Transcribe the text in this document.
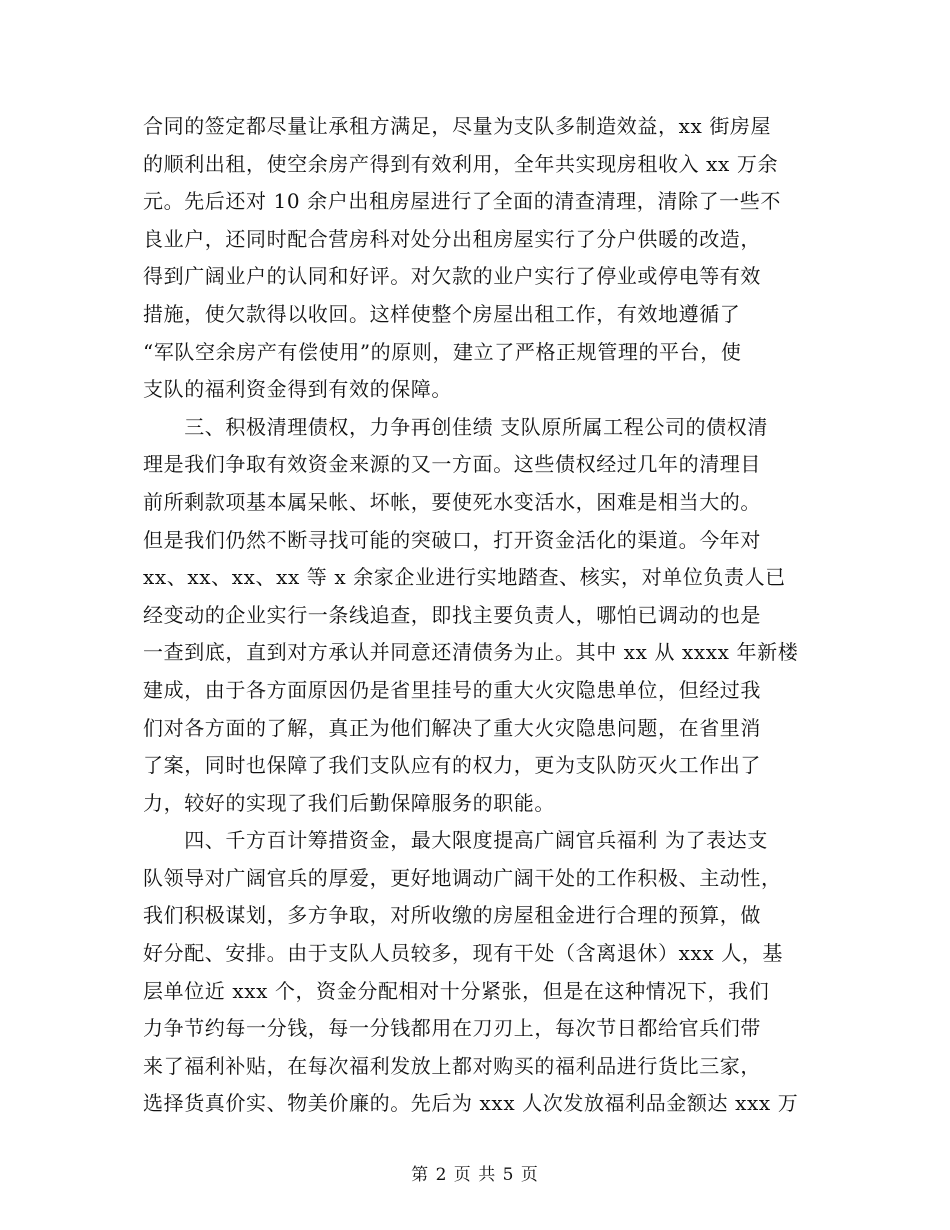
合同的签定都尽量让承租方满足，尽量为支队多制造效益，xx 街房屋
的顺利出租，使空余房产得到有效利用，全年共实现房租收入 xx 万余
元。先后还对 10 余户出租房屋进行了全面的清查清理，清除了一些不
良业户，还同时配合营房科对处分出租房屋实行了分户供暖的改造，
得到广阔业户的认同和好评。对欠款的业户实行了停业或停电等有效
措施，使欠款得以收回。这样使整个房屋出租工作，有效地遵循了
“军队空余房产有偿使用”的原则，建立了严格正规管理的平台，使
支队的福利资金得到有效的保障。
　　三、积极清理债权，力争再创佳绩 支队原所属工程公司的债权清
理是我们争取有效资金来源的又一方面。这些债权经过几年的清理目
前所剩款项基本属呆帐、坏帐，要使死水变活水，困难是相当大的。
但是我们仍然不断寻找可能的突破口，打开资金活化的渠道。今年对
xx、xx、xx、xx 等 x 余家企业进行实地踏查、核实，对单位负责人已
经变动的企业实行一条线追查，即找主要负责人，哪怕已调动的也是
一查到底，直到对方承认并同意还清债务为止。其中 xx 从 xxxx 年新楼
建成，由于各方面原因仍是省里挂号的重大火灾隐患单位，但经过我
们对各方面的了解，真正为他们解决了重大火灾隐患问题，在省里消
了案，同时也保障了我们支队应有的权力，更为支队防灭火工作出了
力，较好的实现了我们后勤保障服务的职能。
　　四、千方百计筹措资金，最大限度提高广阔官兵福利 为了表达支
队领导对广阔官兵的厚爱，更好地调动广阔干处的工作积极、主动性，
我们积极谋划，多方争取，对所收缴的房屋租金进行合理的预算，做
好分配、安排。由于支队人员较多，现有干处（含离退休）xxx 人，基
层单位近 xxx 个，资金分配相对十分紧张，但是在这种情况下，我们
力争节约每一分钱，每一分钱都用在刀刃上，每次节日都给官兵们带
来了福利补贴，在每次福利发放上都对购买的福利品进行货比三家，
选择货真价实、物美价廉的。先后为 xxx 人次发放福利品金额达 xxx 万
第 2 页 共 5 页
